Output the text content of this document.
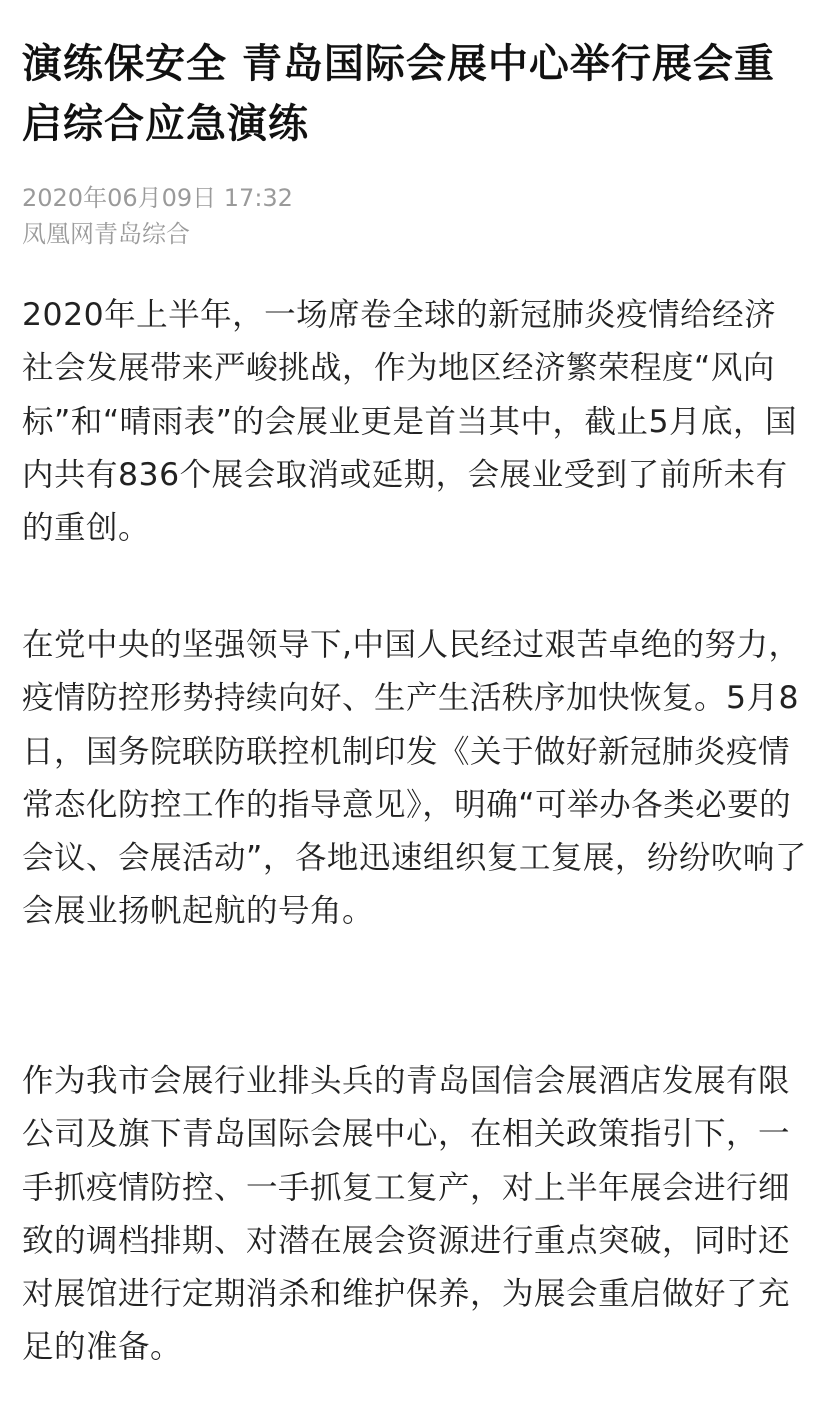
演练保安全 青岛国际会展中心举行展会重启综合应急演练
2020年06月09日 17:32
凤凰网青岛综合

2020年上半年，一场席卷全球的新冠肺炎疫情给经济社会发展带来严峻挑战，作为地区经济繁荣程度“风向标”和“晴雨表”的会展业更是首当其中，截止5月底，国内共有836个展会取消或延期，会展业受到了前所未有的重创。

在党中央的坚强领导下,中国人民经过艰苦卓绝的努力，疫情防控形势持续向好、生产生活秩序加快恢复。5月8日，国务院联防联控机制印发《关于做好新冠肺炎疫情常态化防控工作的指导意见》，明确“可举办各类必要的会议、会展活动”，各地迅速组织复工复展，纷纷吹响了会展业扬帆起航的号角。

作为我市会展行业排头兵的青岛国信会展酒店发展有限公司及旗下青岛国际会展中心，在相关政策指引下，一手抓疫情防控、一手抓复工复产，对上半年展会进行细致的调档排期、对潜在展会资源进行重点突破，同时还对展馆进行定期消杀和维护保养，为展会重启做好了充足的准备。
